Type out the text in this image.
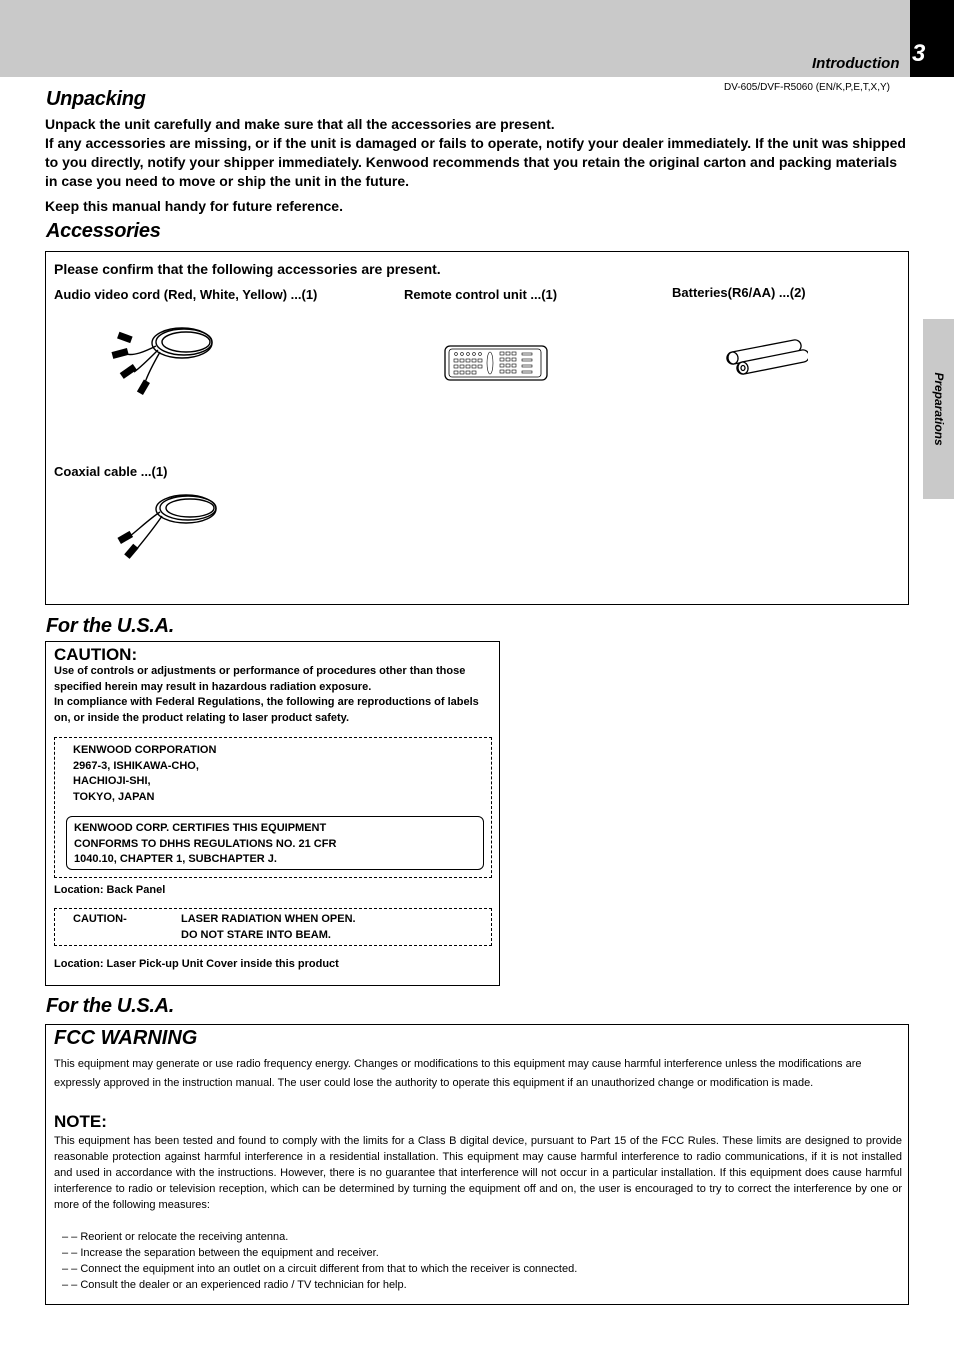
3
Introduction
DV-605/DVF-R5060 (EN/K,P,E,T,X,Y)
Preparations
Unpacking

Unpack the unit carefully and make sure that all the accessories are present.

If any accessories are missing, or if the unit is damaged or fails to operate, notify your dealer immediately. If the unit was shipped to you directly, notify your shipper immediately. Kenwood recommends that you retain the original carton and packing materials in case you need to move or ship the unit in the future.

Keep this manual handy for future reference.

Accessories
Please confirm that the following accessories are present.
Audio video cord (Red, White, Yellow) ...(1)	Remote control unit ...(1)	Batteries(R6/AA) ...(2)
Coaxial cable ...(1)
For the U.S.A.
CAUTION:
Use of controls or adjustments or performance of procedures other than those specified herein may result in hazardous radiation exposure.
In compliance with Federal Regulations, the following are reproductions of labels on, or inside the product relating to laser product safety.
KENWOOD CORPORATION
2967-3, ISHIKAWA-CHO,
HACHIOJI-SHI,
TOKYO, JAPAN
KENWOOD CORP. CERTIFIES THIS EQUIPMENT
CONFORMS TO DHHS REGULATIONS NO. 21 CFR
1040.10, CHAPTER 1, SUBCHAPTER J.
Location: Back Panel
CAUTION-	LASER RADIATION WHEN OPEN.
DO NOT STARE INTO BEAM.
Location: Laser Pick-up Unit Cover inside this product
For the U.S.A.
FCC WARNING
This equipment may generate or use radio frequency energy. Changes or modifications to this equipment may cause harmful interference unless the modifications are expressly approved in the instruction manual. The user could lose the authority to operate this equipment if an unauthorized change or modification is made.
NOTE:
This equipment has been tested and found to comply with the limits for a Class B digital device, pursuant to Part 15 of the FCC Rules. These limits are designed to provide reasonable protection against harmful interference in a residential installation. This equipment may cause harmful interference to radio communications, if it is not installed and used in accordance with the instructions. However, there is no guarantee that interference will not occur in a particular installation. If this equipment does cause harmful interference to radio or television reception, which can be determined by turning the equipment off and on, the user is encouraged to try to correct the interference by one or more of the following measures:
– – Reorient or relocate the receiving antenna.
– – Increase the separation between the equipment and receiver.
– – Connect the equipment into an outlet on a circuit different from that to which the receiver is connected.
– – Consult the dealer or an experienced radio / TV technician for help.
